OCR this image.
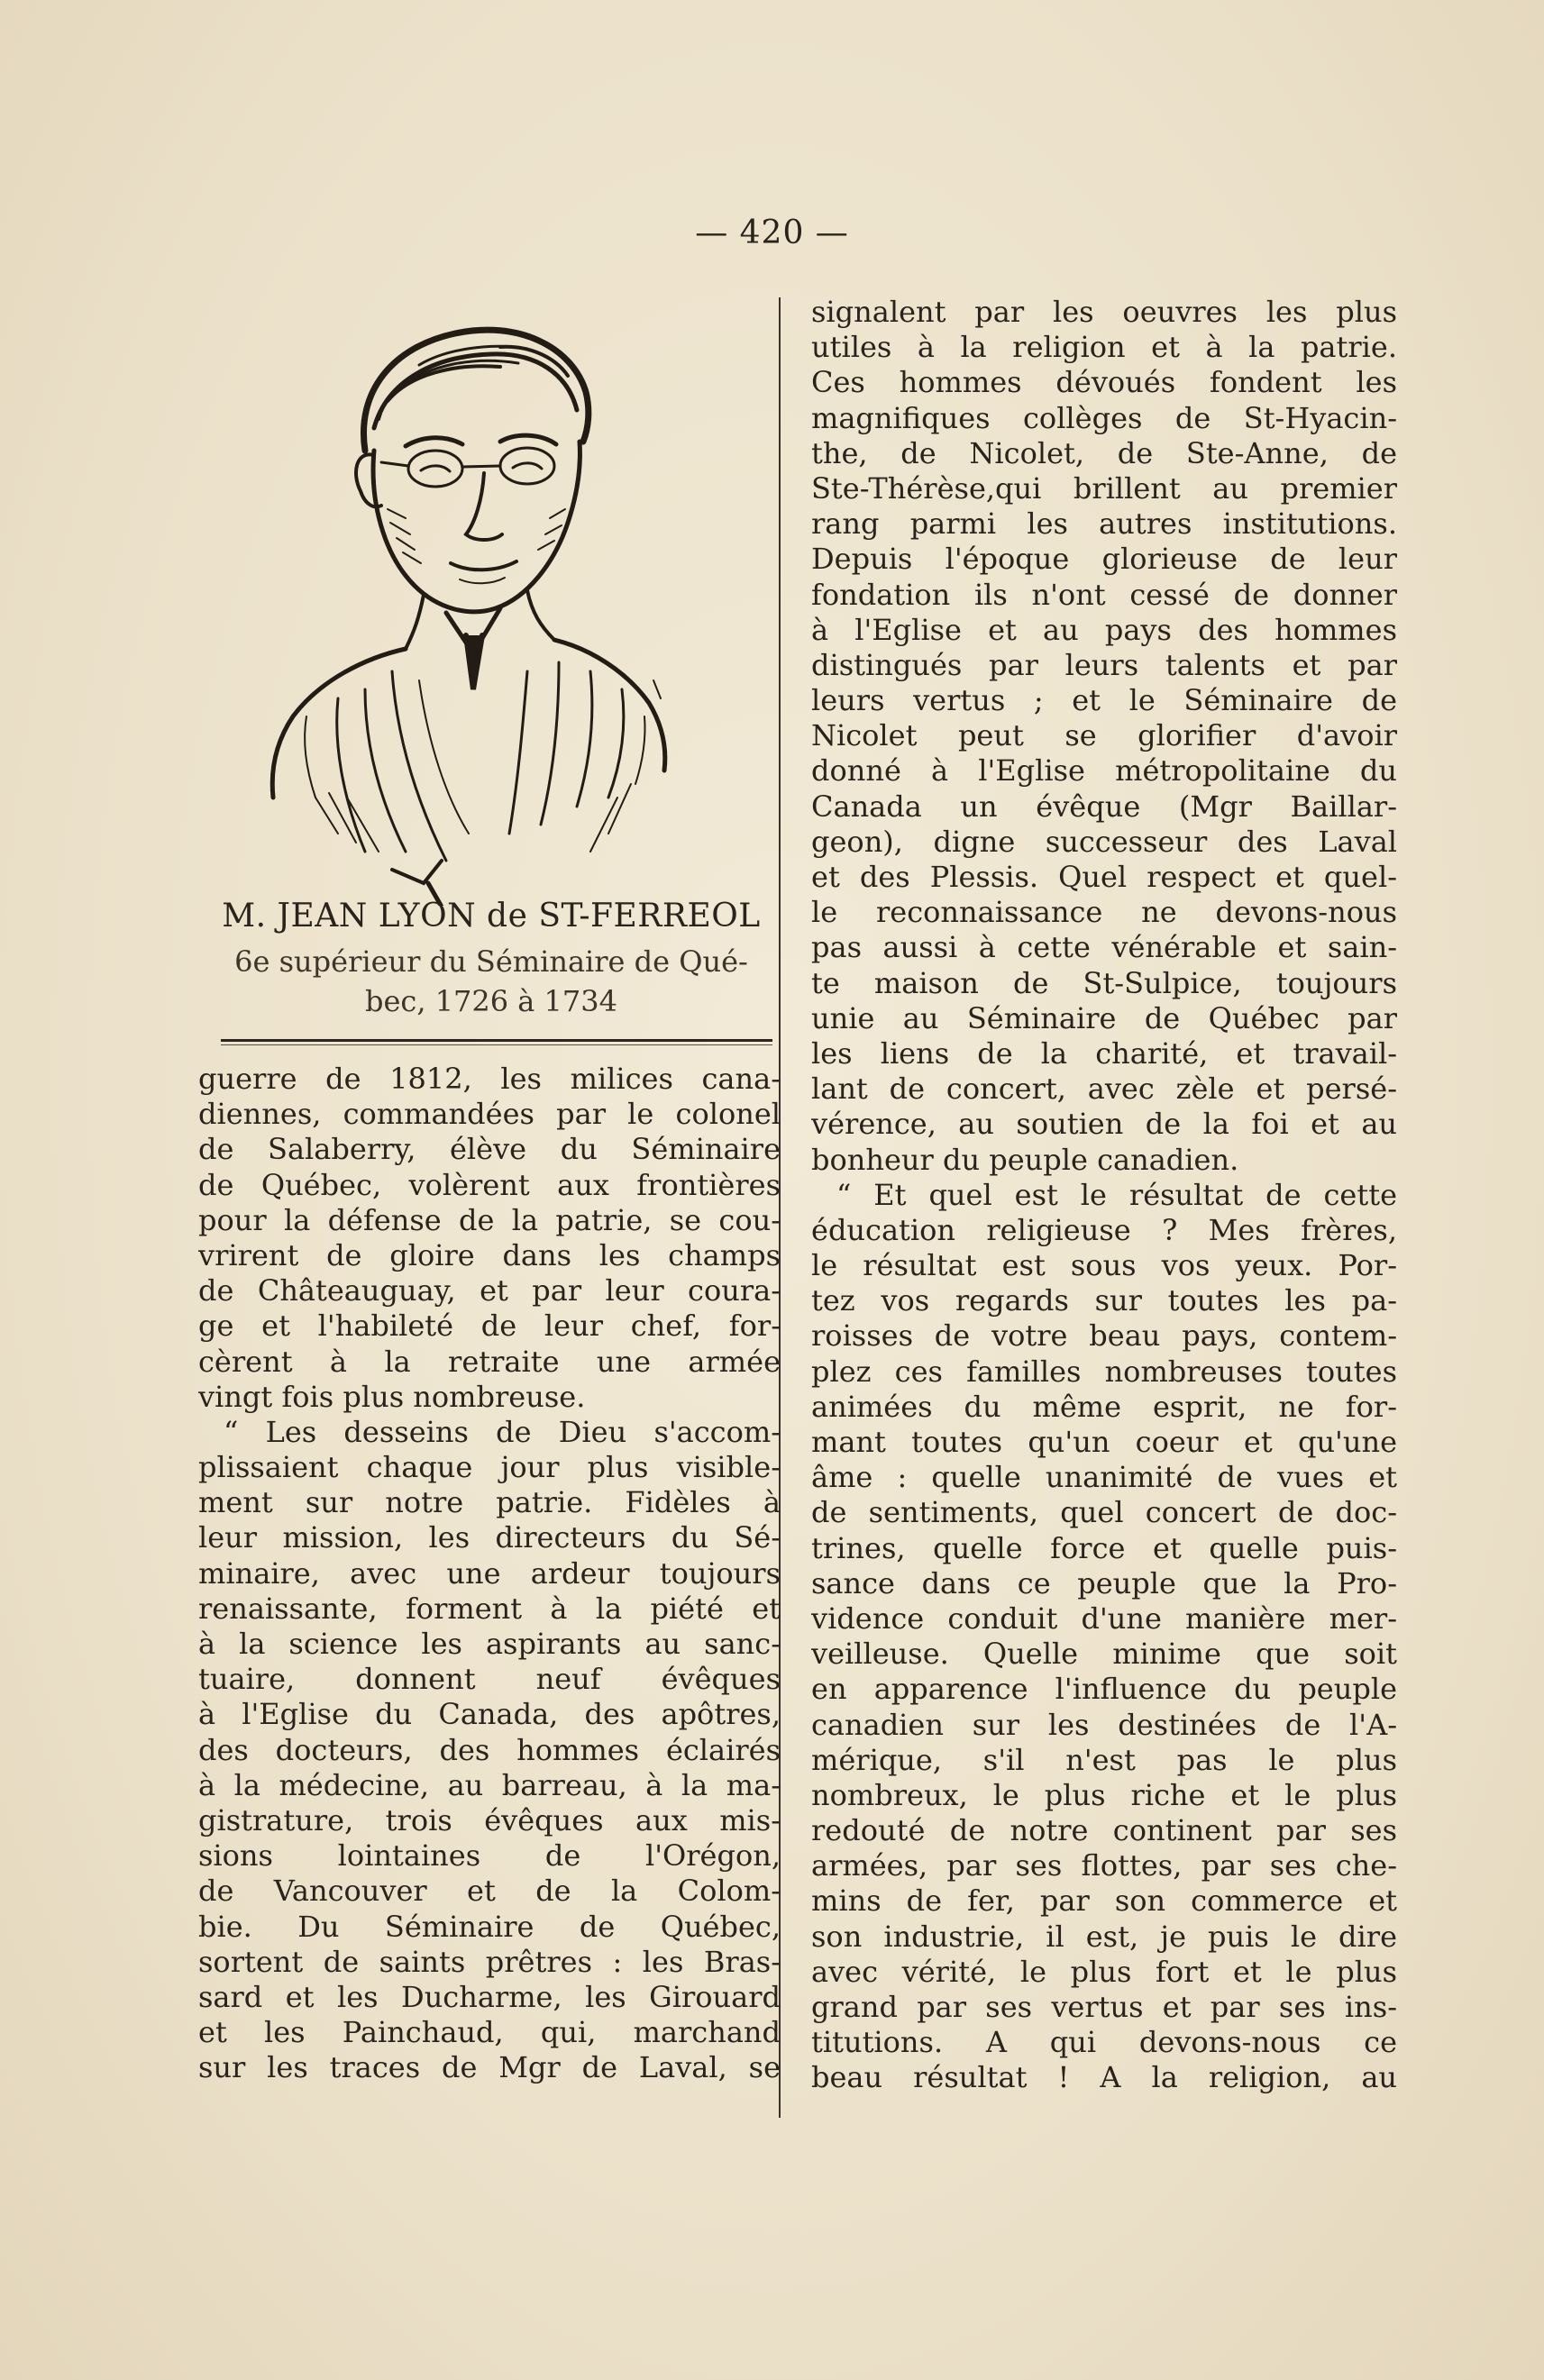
— 420 —
M. JEAN LYON de ST-FERREOL
6e supérieur du Séminaire de Qué-
bec, 1726 à 1734
guerre de 1812, les milices cana-
diennes, commandées par le colonel
de Salaberry, élève du Séminaire
de Québec, volèrent aux frontières
pour la défense de la patrie, se cou-
vrirent de gloire dans les champs
de Châteauguay, et par leur coura-
ge et l'habileté de leur chef, for-
cèrent à la retraite une armée
vingt fois plus nombreuse.
“ Les desseins de Dieu s'accom-
plissaient chaque jour plus visible-
ment sur notre patrie. Fidèles à
leur mission, les directeurs du Sé-
minaire, avec une ardeur toujours
renaissante, forment à la piété et
à la science les aspirants au sanc-
tuaire, donnent neuf évêques
à l'Eglise du Canada, des apôtres,
des docteurs, des hommes éclairés
à la médecine, au barreau, à la ma-
gistrature, trois évêques aux mis-
sions lointaines de l'Orégon,
de Vancouver et de la Colom-
bie. Du Séminaire de Québec,
sortent de saints prêtres : les Bras-
sard et les Ducharme, les Girouard
et les Painchaud, qui, marchand
sur les traces de Mgr de Laval, se
signalent par les oeuvres les plus
utiles à la religion et à la patrie.
Ces hommes dévoués fondent les
magnifiques collèges de St-Hyacin-
the, de Nicolet, de Ste-Anne, de
Ste-Thérèse,qui brillent au premier
rang parmi les autres institutions.
Depuis l'époque glorieuse de leur
fondation ils n'ont cessé de donner
à l'Eglise et au pays des hommes
distingués par leurs talents et par
leurs vertus ; et le Séminaire de
Nicolet peut se glorifier d'avoir
donné à l'Eglise métropolitaine du
Canada un évêque (Mgr Baillar-
geon), digne successeur des Laval
et des Plessis. Quel respect et quel-
le reconnaissance ne devons-nous
pas aussi à cette vénérable et sain-
te maison de St-Sulpice, toujours
unie au Séminaire de Québec par
les liens de la charité, et travail-
lant de concert, avec zèle et persé-
vérence, au soutien de la foi et au
bonheur du peuple canadien.
“ Et quel est le résultat de cette
éducation religieuse ? Mes frères,
le résultat est sous vos yeux. Por-
tez vos regards sur toutes les pa-
roisses de votre beau pays, contem-
plez ces familles nombreuses toutes
animées du même esprit, ne for-
mant toutes qu'un coeur et qu'une
âme : quelle unanimité de vues et
de sentiments, quel concert de doc-
trines, quelle force et quelle puis-
sance dans ce peuple que la Pro-
vidence conduit d'une manière mer-
veilleuse. Quelle minime que soit
en apparence l'influence du peuple
canadien sur les destinées de l'A-
mérique, s'il n'est pas le plus
nombreux, le plus riche et le plus
redouté de notre continent par ses
armées, par ses flottes, par ses che-
mins de fer, par son commerce et
son industrie, il est, je puis le dire
avec vérité, le plus fort et le plus
grand par ses vertus et par ses ins-
titutions. A qui devons-nous ce
beau résultat ! A la religion, au
